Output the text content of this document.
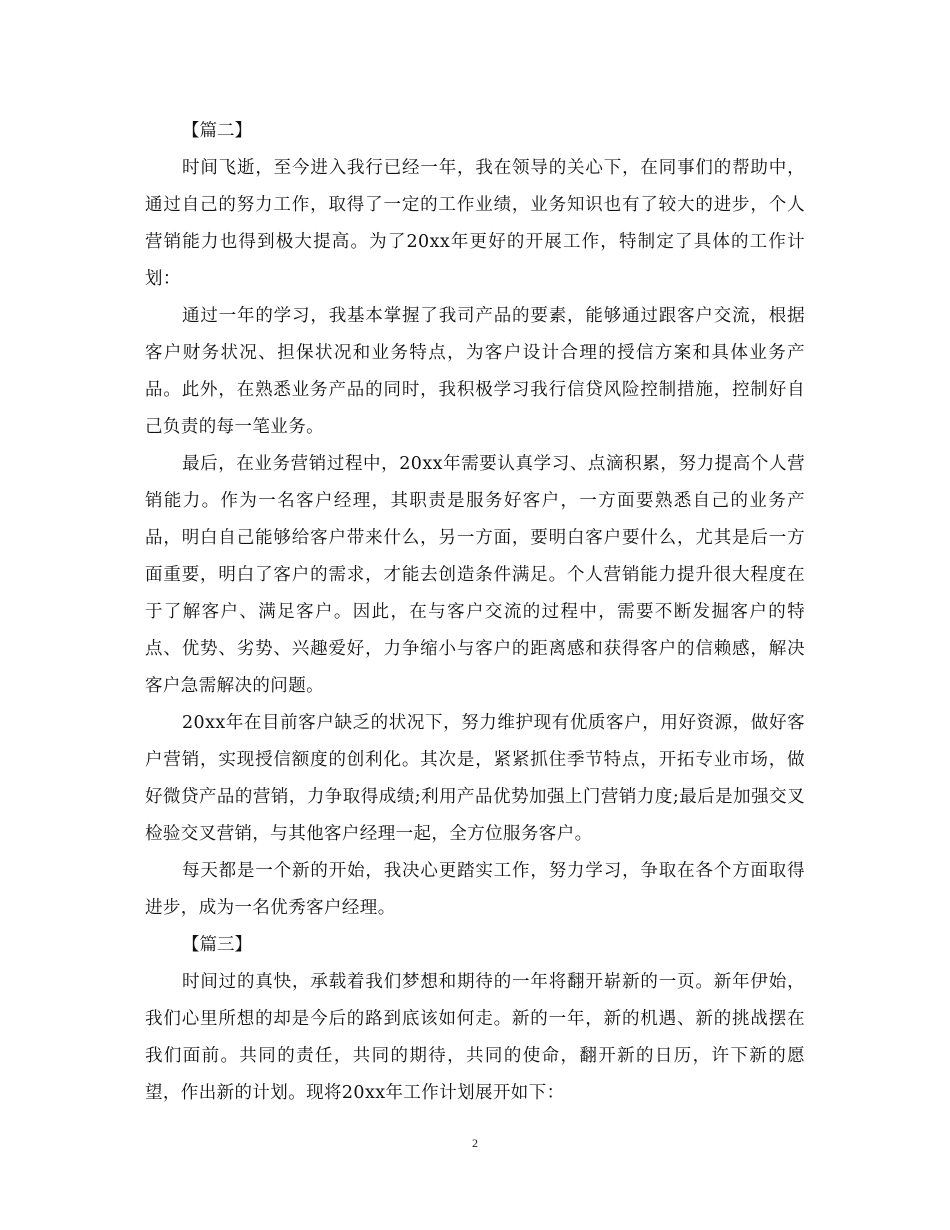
【篇二】

时间飞逝，至今进入我行已经一年，我在领导的关心下，在同事们的帮助中，通过自己的努力工作，取得了一定的工作业绩，业务知识也有了较大的进步，个人营销能力也得到极大提高。为了20xx年更好的开展工作，特制定了具体的工作计划：

通过一年的学习，我基本掌握了我司产品的要素，能够通过跟客户交流，根据客户财务状况、担保状况和业务特点，为客户设计合理的授信方案和具体业务产品。此外，在熟悉业务产品的同时，我积极学习我行信贷风险控制措施，控制好自己负责的每一笔业务。

最后，在业务营销过程中，20xx年需要认真学习、点滴积累，努力提高个人营销能力。作为一名客户经理，其职责是服务好客户，一方面要熟悉自己的业务产品，明白自己能够给客户带来什么，另一方面，要明白客户要什么，尤其是后一方面重要，明白了客户的需求，才能去创造条件满足。个人营销能力提升很大程度在于了解客户、满足客户。因此，在与客户交流的过程中，需要不断发掘客户的特点、优势、劣势、兴趣爱好，力争缩小与客户的距离感和获得客户的信赖感，解决客户急需解决的问题。

20xx年在目前客户缺乏的状况下，努力维护现有优质客户，用好资源，做好客户营销，实现授信额度的创利化。其次是，紧紧抓住季节特点，开拓专业市场，做好微贷产品的营销，力争取得成绩;利用产品优势加强上门营销力度;最后是加强交叉检验交叉营销，与其他客户经理一起，全方位服务客户。

每天都是一个新的开始，我决心更踏实工作，努力学习，争取在各个方面取得进步，成为一名优秀客户经理。

【篇三】

时间过的真快，承载着我们梦想和期待的一年将翻开崭新的一页。新年伊始，我们心里所想的却是今后的路到底该如何走。新的一年，新的机遇、新的挑战摆在我们面前。共同的责任，共同的期待，共同的使命，翻开新的日历，许下新的愿望，作出新的计划。现将20xx年工作计划展开如下：

2
